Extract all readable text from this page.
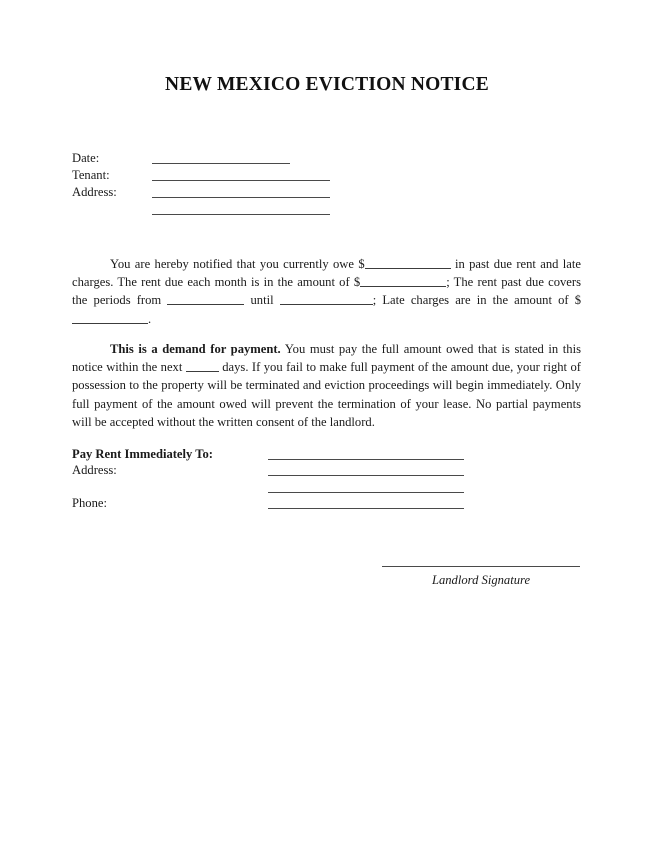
NEW MEXICO EVICTION NOTICE
Date:
Tenant:
Address:
You are hereby notified that you currently owe $	in past due rent and late charges. The rent due each month is in the amount of $	; The rent past due covers the periods from	until	; Late charges are in the amount of $.
This is a demand for payment. You must pay the full amount owed that is stated in this notice within the next	days. If you fail to make full payment of the amount due, your right of possession to the property will be terminated and eviction proceedings will begin immediately. Only full payment of the amount owed will prevent the termination of your lease. No partial payments will be accepted without the written consent of the landlord.
Pay Rent Immediately To:
Address:
Phone:
Landlord Signature
